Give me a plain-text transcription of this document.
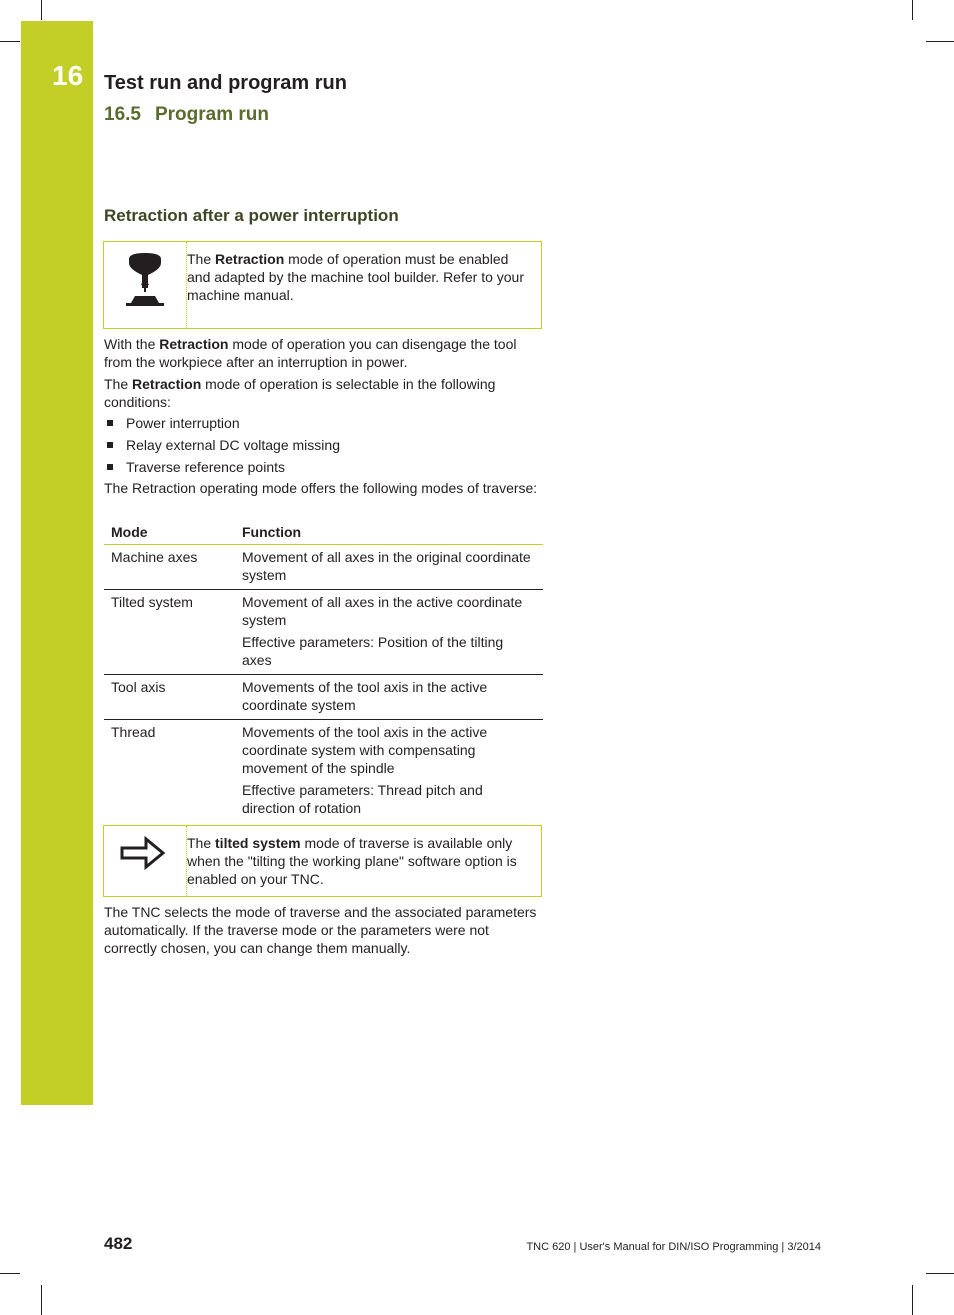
16 Test run and program run
16.5 Program run
Retraction after a power interruption
The Retraction mode of operation must be enabled and adapted by the machine tool builder. Refer to your machine manual.
With the Retraction mode of operation you can disengage the tool from the workpiece after an interruption in power.
The Retraction mode of operation is selectable in the following conditions:
Power interruption
Relay external DC voltage missing
Traverse reference points
The Retraction operating mode offers the following modes of traverse:
Mode	Function
Machine axes	Movement of all axes in the original coordinate system

Tilted system	Movement of all axes in the active coordinate system

Effective parameters: Position of the tilting axes

Tool axis	Movements of the tool axis in the active coordinate system

Thread	Movements of the tool axis in the active coordinate system with compensating movement of the spindle

Effective parameters: Thread pitch and direction of rotation

The tilted system mode of traverse is available only when the "tilting the working plane" software option is enabled on your TNC.
The TNC selects the mode of traverse and the associated parameters automatically. If the traverse mode or the parameters were not correctly chosen, you can change them manually.
482	TNC 620 | User's Manual for DIN/ISO Programming | 3/2014
